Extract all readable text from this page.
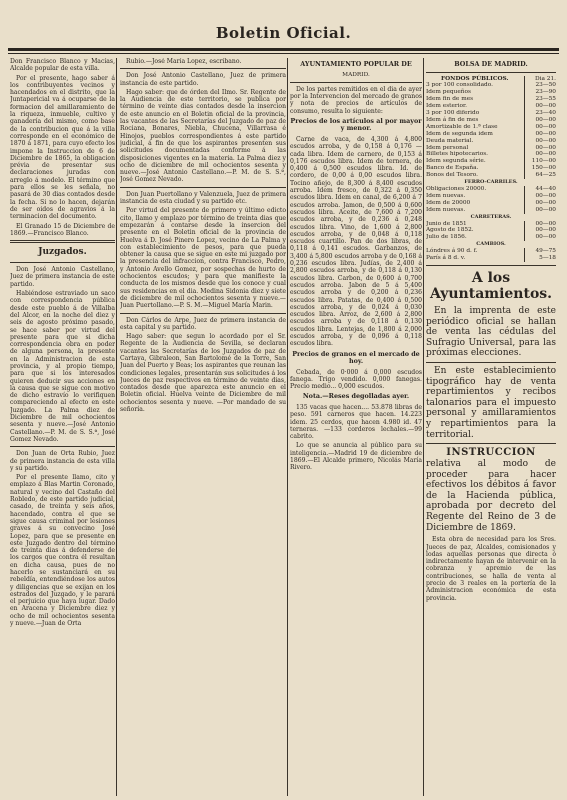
Boletin Oficial.

Don Francisco Blanco y Macías, Alcalde popular de esta villa.

Por el presente, hago saber á los contribuyentes vecinos y hacendados en el distrito, que la Juntapericial va á ocuparse de la formacion del amillaramiento de la riqueza, inmueble, cultivo y ganadería del mismo, como base de la contribucion que á la villa corresponde en el económico de 1870 á 1871, para cuyo efecto los impone la Instruccion de 6 de Diciembre de 1865, la obligacion prévia de presentar sus declaraciones juradas con arreglo á modelo. El término que para ellos se les señala, no pasará de 30 dias contados desde la fecha. Si no lo hacen, dejarán de ser oidos de agravios á la terminacion del documento.

El Granado 15 de Diciembre de 1869.—Francisco Blanco.

Juzgados.

Don José Antonio Castellano, Juez de primera instancia de este partido.

Habiéndose estraviado un saco con correspondencia pública desde este pueblo á de Villalba del Alcor, en la noche del diez y seis de agosto próximo pasado, se hace saber por virtud del presente para que si dicha correspondencia obra en poder de alguna persona, la presente en la Administracion de esta provincia, y al propio tiempo, para que si los interesados quieren deducir sus acciones en la causa que se sigue con motivo de dicho estravío lo verifiquen compareciendo al efecto en este Juzgado. La Palma diez de Diciembre de mil ochocientos sesenta y nueve.—José Antonio Castellano.—P. M. de S. S.ª, José Gomez Nevado.

Don Juan de Orta Rubio, Juez de primera instancia de esta villa y su partido.

Por el presente llamo, cito y emplazo á Blas Martin Coronado, natural y vecino del Castaño del Robledo, de este partido judicial, casado, de treinta y seis años, hacendado, contra el que se sigue causa criminal por lesiones graves á su convecino José Lopez, para que se presente en este Juzgado dentro del término de treinta dias á defenderse de los cargos que contra él resultan en dicha causa, pues de no hacerlo se sustanciará en su rebeldía, entendiéndose los autos y diligencias que se exijan en los estrados del Juzgado, y le parará el perjuicio que haya lugar. Dado en Aracena y Diciembre diez y ocho de mil ochocientos sesenta y nueve.—Juan de Orta

Rubio.—José María Lopez, escribano.

Don José Antonio Castellano, Juez de primera instancia de este partido.

Hago saber: que de órden del Ilmo. Sr. Regente de la Audiencia de este territorio, se publica por término de veinte dias contados desde la insercion de este anuncio en el Boletin oficial de la provincia, las vacantes de las Secretarías del Juzgado de paz de Rociana, Bonares, Niebla, Chucena, Villarrasa é Hinojos, pueblos correspondientes á este partido judicial, á fin de que los aspirantes presenten sus solicitudes documentadas conforme á las disposiciones vigentes en la materia. La Palma diez y ocho de diciembre de mil ochocientos sesenta y nueve.—José Antonio Castellano.—P. M. de S. S.ª, José Gomez Nevado.

Don Juan Puertollano y Valenzuela, Juez de primera instancia de esta ciudad y su partido etc.

Por virtud del presente de primero y último edicto cito, llamo y emplazo por término de treinta dias que empezarán á contarse desde la insercion del presente en el Boletin oficial de la provincia de Huelva á D. José Pinero Lopez, vecino de La Palma y con establecimiento de pesos, para que pueda obtener la causa que se sigue en este mi juzgado por la presencia del infraccion, contra Francisco, Pedro, y Antonio Avello Gomez, por sospechas de hurto de ochocientos escudos; y para que manifieste la conducta de los mismos desde que los conoce y cual sus residencias en el dia. Medina Sidonia diez y siete de diciembre de mil ochocientos sesenta y nueve.—Juan Puertollano.—P. S. M.—Miguel María Marin.

Don Cárlos de Arpe, Juez de primera instancia de esta capital y su partido.

Hago saber: que segun lo acordado por el Sr. Regente de la Audiencia de Sevilla, se declaran vacantes las Secretarías de los Juzgados de paz de Cartaya, Gibraleon, San Bartolomé de la Torre, San Juan del Puerto y Beas; los aspirantes que reunan las condiciones legales, presentarán sus solicitudes á los Jueces de paz respectivos en término de veinte dias, contados desde que aparezca este anuncio en el Boletin oficial. Huelva veinte de Diciembre de mil ochocientos sesenta y nueve. —Por mandado de su señoría.

AYUNTAMIENTO POPULAR DE
MADRID.

De los partes remitidos en el dia de ayer por la Intervencion del mercado de granos y nota de precios de artículos de consumo, resulta lo siguiente:

Precios de los artículos al por mayor y menor.

Carne de vaca, de 4,300 á 4,800 escudos arroba, y de 0,158 á 0,176 — cada libra. Idem de carnero, de 0,153 á 0,176 escudos libra. Idem de ternera, de 0,400 á 0,500 escudos libra. Id. de cordero, de 0,00 á 0,00 escudos libra. Tocino añejo, de 8,300 á 8,400 escudos arroba. Idem fresco, de 0,322 á 0,350 escudos libra. Idem en canal, de 6,200 á 7 escudos arroba. Jamon, de 0,500 á 0,600 escudos libra. Aceite, de 7,600 á 7,200 escudos arroba, y de 0,236 á 0,248 escudos libra. Vino, de 1,600 á 2,800 escudos arroba, y de 0,048 á 0,118 escudos cuartillo. Pan de dos libras, de 0,118 á 0,141 escudos. Garbanzos, de 3,400 á 5,800 escudos arroba y de 0,168 á 0,236 escudos libra. Judías, de 2,400 á 2,800 escudos arroba, y de 0,118 á 0,130 escudos libra. Carbon, de 0,600 á 0,700 escudos arroba. Jabon de 5 á 5,400 escudos arroba y de 0,200 á 0,236 escudos libra. Patatas, de 0,400 á 0,500 escudos arroba, y de 0,024 á 0,030 escudos libra. Arroz, de 2,600 á 2,800 escudos arroba y de 0,118 á 0,130 escudos libra. Lentejas, de 1,800 á 2,000 escudos arroba, y de 0,096 á 0,118 escudos libra.

Precios de granos en el mercado de hoy.

Cebada, de 0·000 á 0,000 escudos fanega. Trigo vendido. 0,000 fanegas. Precio medio... 0,000 escudos.

Nota.—Reses degolladas ayer.

135 vacas que hacen.... 53.878 libras de peso. 591 carneros que hacen. 14.223 idem. 25 cerdos, que hacen 4.980 id. 47 terneras. —133 corderos lechales.—99 cabrito.

Lo que se anuncia al público para su inteligencia.—Madrid 19 de diciembre de 1869.—El Alcalde primero, Nicolás María Rivero.

BOLSA DE MADRID.
FONDOS PÚBLICOS.	Dia 21.
3 por 100 consolidado.	23—50
Idem pequeños	23—90
Idem fin de mes	23—55
Idem esterior.	00—00
3 por 100 diferido	23—40
Idem á fin de mes	00—00
Amortizable de 1.ª clase	00—00
Idem de segunda idem	00—00
Deuda material.	00—00
Idem personal	00—00
Billetes hipotecarios.	00—00
Idem segunda série.	110—00
Banco de España.	150—00
Bonos del Tesoro.	64—25
FERRO-CARRILES.	
Obligaciones 20000.	44—40
Idem nuevas.	00—00
Idem de 20000	00—00
Idem nuevas.	00—00
CARRETERAS.	
Junio de 1851	00—00
Agosto de 1852.	00—00
Julio de 1856.	00—00
CAMBIOS.	
Lóndres á 90 d. f.	49—75
París á 8 d. v.	5—18
A los Ayuntamientos.
En la imprenta de este periódico oficial se hallan de venta las cédulas del Sufragio Universal, para las próximas elecciones.
En este establecimiento tipográfico hay de venta repartimientos y recibos talonarios para el impuesto personal y amillaramientos y repartimientos para la territorial.
INSTRUCCION
relativa al modo de proceder para hacer efectivos los débitos á favor de la Hacienda pública, aprobada por decreto del Regente del Reino de 3 de Diciembre de 1869.

Esta obra de necesidad para los Sres. Jueces de paz, Alcaldes, comisionados y lodas aquellas personas que directa ó indirectamente hayan de intervenir en la cobranza y apremio de las contribuciones, se halla de venta al precio de 3 reales en la portería de la Administracion económica de esta provincia.
